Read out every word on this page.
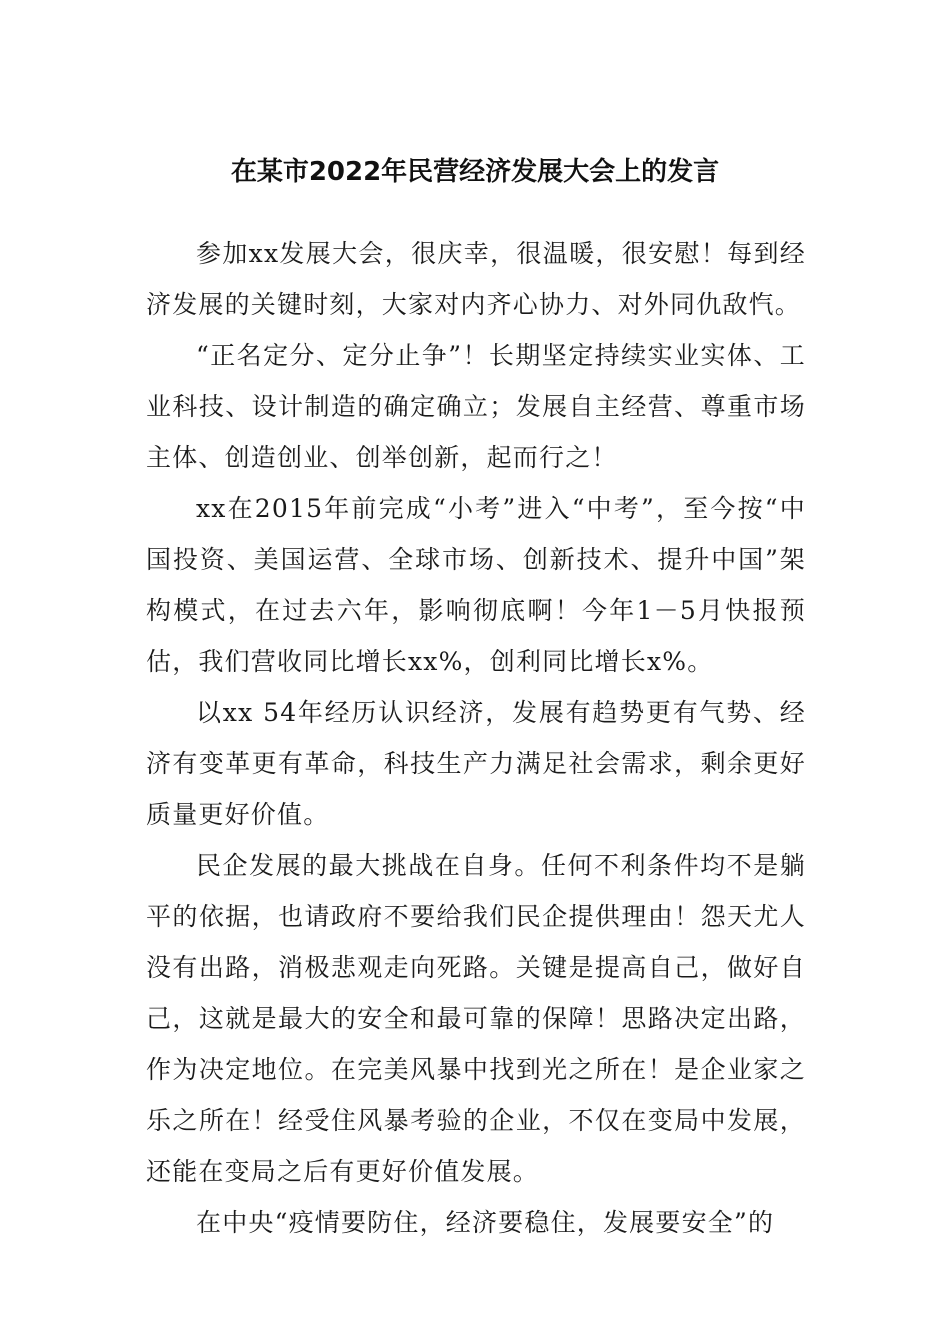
在某市2022年民营经济发展大会上的发言

参加xx发展大会，很庆幸，很温暖，很安慰！每到经济发展的关键时刻，大家对内齐心协力、对外同仇敌忾。

“正名定分、定分止争”！长期坚定持续实业实体、工业科技、设计制造的确定确立；发展自主经营、尊重市场主体、创造创业、创举创新，起而行之！

xx在2015年前完成“小考”进入“中考”，至今按“中国投资、美国运营、全球市场、创新技术、提升中国”架构模式，在过去六年，影响彻底啊！今年1－5月快报预估，我们营收同比增长xx%，创利同比增长x%。

以xx 54年经历认识经济，发展有趋势更有气势、经济有变革更有革命，科技生产力满足社会需求，剩余更好质量更好价值。

民企发展的最大挑战在自身。任何不利条件均不是躺平的依据，也请政府不要给我们民企提供理由！怨天尤人没有出路，消极悲观走向死路。关键是提高自己，做好自己，这就是最大的安全和最可靠的保障！思路决定出路，作为决定地位。在完美风暴中找到光之所在！是企业家之乐之所在！经受住风暴考验的企业，不仅在变局中发展，还能在变局之后有更好价值发展。

在中央“疫情要防住，经济要稳住，发展要安全”的
